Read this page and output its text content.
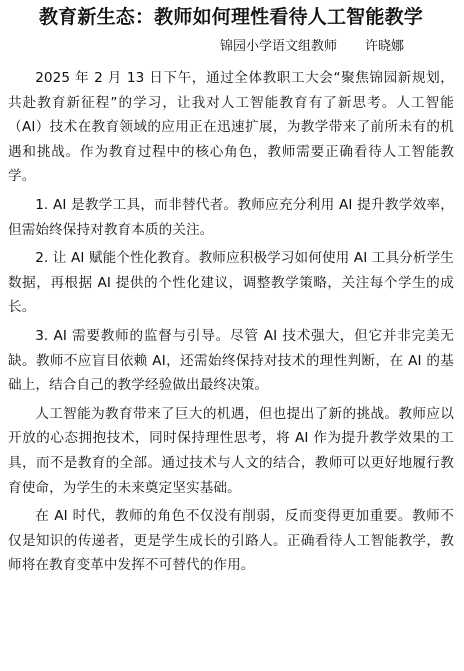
教育新生态：教师如何理性看待人工智能教学
锦园小学语文组教师 许晓娜

2025 年 2 月 13 日下午，通过全体教职工大会“聚焦锦园新规划，共赴教育新征程”的学习，让我对人工智能教育有了新思考。人工智能（AI）技术在教育领域的应用正在迅速扩展，为教学带来了前所未有的机遇和挑战。作为教育过程中的核心角色，教师需要正确看待人工智能教学。

1. AI 是教学工具，而非替代者。教师应充分利用 AI 提升教学效率，但需始终保持对教育本质的关注。

2. 让 AI 赋能个性化教育。教师应积极学习如何使用 AI 工具分析学生数据，再根据 AI 提供的个性化建议，调整教学策略，关注每个学生的成长。

3. AI 需要教师的监督与引导。尽管 AI 技术强大，但它并非完美无缺。教师不应盲目依赖 AI，还需始终保持对技术的理性判断，在 AI 的基础上，结合自己的教学经验做出最终决策。

人工智能为教育带来了巨大的机遇，但也提出了新的挑战。教师应以开放的心态拥抱技术，同时保持理性思考，将 AI 作为提升教学效果的工具，而不是教育的全部。通过技术与人文的结合，教师可以更好地履行教育使命，为学生的未来奠定坚实基础。

在 AI 时代，教师的角色不仅没有削弱，反而变得更加重要。教师不仅是知识的传递者，更是学生成长的引路人。正确看待人工智能教学，教师将在教育变革中发挥不可替代的作用。
